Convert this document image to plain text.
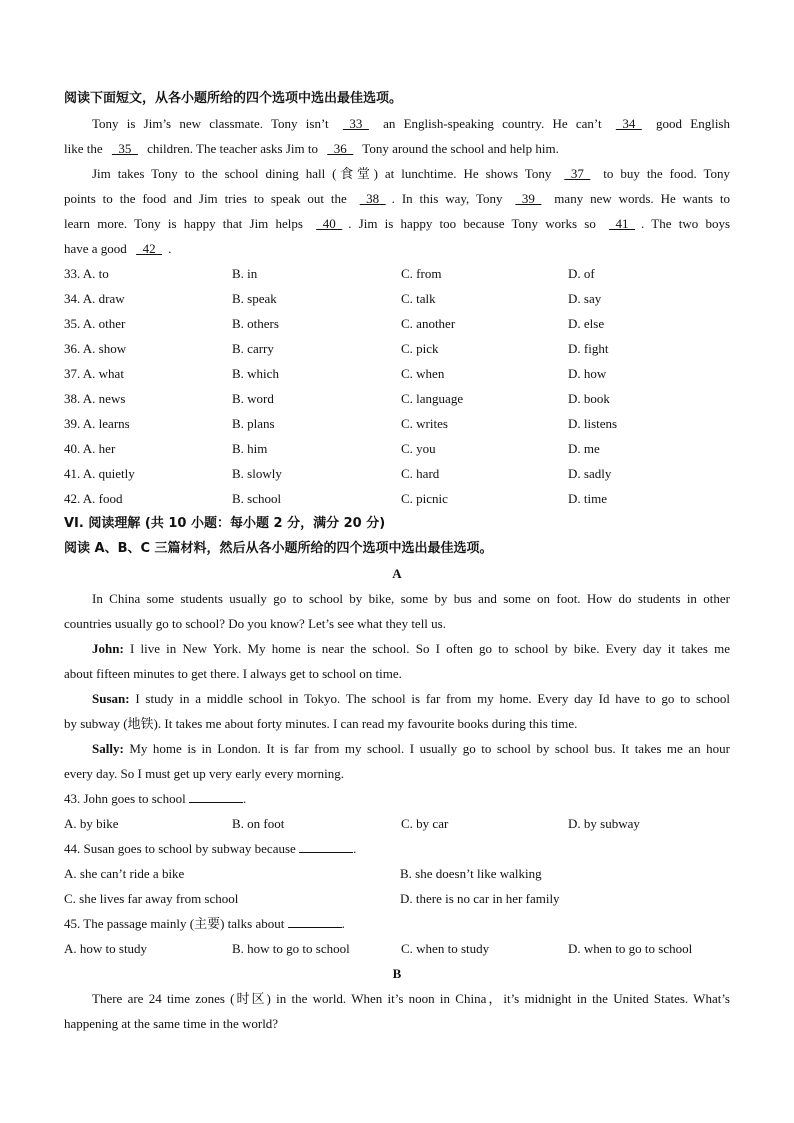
阅读下面短文，从各小题所给的四个选项中选出最佳选项。
Tony is Jim’s new classmate. Tony isn’t   33   an English-speaking country. He can’t   34   good English
like the   35   children. The teacher asks Jim to   36   Tony around the school and help him.
Jim takes Tony to the school dining hall (食堂) at lunchtime. He shows Tony   37   to buy the food. Tony
points to the food and Jim tries to speak out the   38  . In this way, Tony   39   many new words. He wants to
learn more. Tony is happy that Jim helps   40  . Jim is happy too because Tony works so   41  . The two boys
have a good   42  .
33. A. to	B. in	C. from	D. of
34. A. draw	B. speak	C. talk	D. say
35. A. other	B. others	C. another	D. else
36. A. show	B. carry	C. pick	D. fight
37. A. what	B. which	C. when	D. how
38. A. news	B. word	C. language	D. book
39. A. learns	B. plans	C. writes	D. listens
40. A. her	B. him	C. you	D. me
41. A. quietly	B. slowly	C. hard	D. sadly
42. A. food	B. school	C. picnic	D. time
VI. 阅读理解 (共 10 小题：每小题 2 分，满分 20 分)
阅读 A、B、C 三篇材料，然后从各小题所给的四个选项中选出最佳选项。
A
In China some students usually go to school by bike, some by bus and some on foot. How do students in other
countries usually go to school? Do you know? Let’s see what they tell us.
John: I live in New York. My home is near the school. So I often go to school by bike. Every day it takes me
about fifteen minutes to get there. I always get to school on time.
Susan: I study in a middle school in Tokyo. The school is far from my home. Every day Id have to go to school
by subway (地铁). It takes me about forty minutes. I can read my favourite books during this time.
Sally: My home is in London. It is far from my school. I usually go to school by school bus. It takes me an hour
every day. So I must get up very early every morning.
43. John goes to school	.
A. by bike	B. on foot	C. by car	D. by subway
44. Susan goes to school by subway because	.
A. she can’t ride a bike	B. she doesn’t like walking
C. she lives far away from school	D. there is no car in her family
45. The passage mainly (主要) talks about	.
A. how to study	B. how to go to school	C. when to study	D. when to go to school
B
There are 24 time zones (时区) in the world. When it’s noon in China，it’s midnight in the United States. What’s
happening at the same time in the world?
